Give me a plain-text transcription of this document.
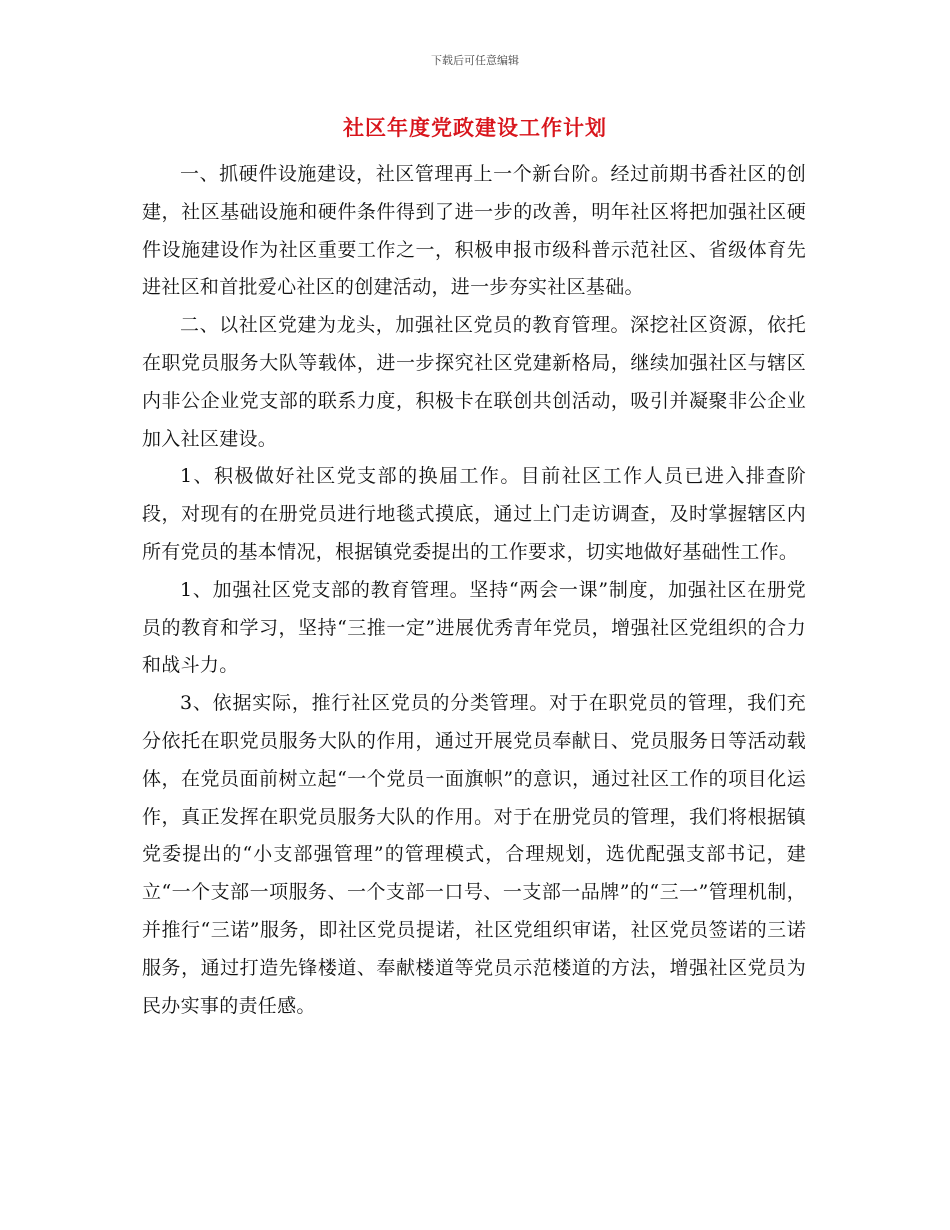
下载后可任意编辑
社区年度党政建设工作计划

一、抓硬件设施建设，社区管理再上一个新台阶。经过前期书香社区的创建，社区基础设施和硬件条件得到了进一步的改善，明年社区将把加强社区硬件设施建设作为社区重要工作之一，积极申报市级科普示范社区、省级体育先进社区和首批爱心社区的创建活动，进一步夯实社区基础。

二、以社区党建为龙头，加强社区党员的教育管理。深挖社区资源，依托在职党员服务大队等载体，进一步探究社区党建新格局，继续加强社区与辖区内非公企业党支部的联系力度，积极卡在联创共创活动，吸引并凝聚非公企业加入社区建设。

1、积极做好社区党支部的换届工作。目前社区工作人员已进入排查阶段，对现有的在册党员进行地毯式摸底，通过上门走访调查，及时掌握辖区内所有党员的基本情况，根据镇党委提出的工作要求，切实地做好基础性工作。

1、加强社区党支部的教育管理。坚持“两会一课”制度，加强社区在册党员的教育和学习，坚持“三推一定”进展优秀青年党员，增强社区党组织的合力和战斗力。

3、依据实际，推行社区党员的分类管理。对于在职党员的管理，我们充分依托在职党员服务大队的作用，通过开展党员奉献日、党员服务日等活动载体，在党员面前树立起“一个党员一面旗帜”的意识，通过社区工作的项目化运作，真正发挥在职党员服务大队的作用。对于在册党员的管理，我们将根据镇党委提出的“小支部强管理”的管理模式，合理规划，选优配强支部书记，建立“一个支部一项服务、一个支部一口号、一支部一品牌”的“三一”管理机制，并推行“三诺”服务，即社区党员提诺，社区党组织审诺，社区党员签诺的三诺服务，通过打造先锋楼道、奉献楼道等党员示范楼道的方法，增强社区党员为民办实事的责任感。
